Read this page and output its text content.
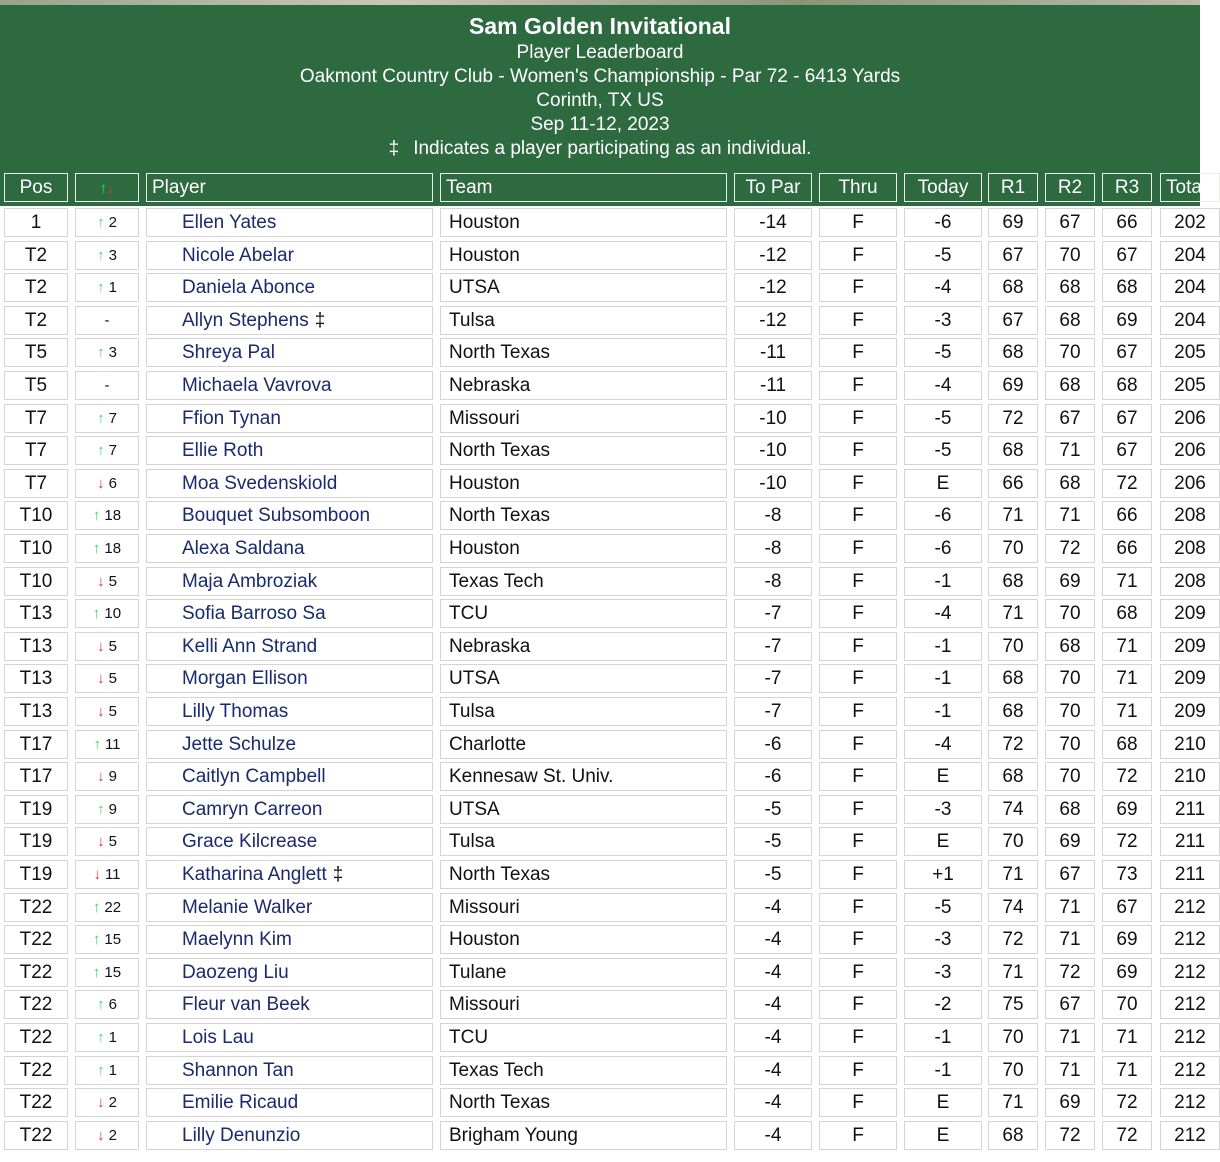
Sam Golden Invitational
Player Leaderboard
Oakmont Country Club - Women's Championship - Par 72 - 6413 Yards
Corinth, TX US
Sep 11-12, 2023
‡ Indicates a player participating as an individual.
Pos	↑↓	Player	Team	To Par	Thru	Today	R1	R2	R3	Total
1	↑ 2	Ellen Yates	Houston	-14	F	-6	69	67	66	202
T2	↑ 3	Nicole Abelar	Houston	-12	F	-5	67	70	67	204
T2	↑ 1	Daniela Abonce	UTSA	-12	F	-4	68	68	68	204
T2	-	Allyn Stephens ‡	Tulsa	-12	F	-3	67	68	69	204
T5	↑ 3	Shreya Pal	North Texas	-11	F	-5	68	70	67	205
T5	-	Michaela Vavrova	Nebraska	-11	F	-4	69	68	68	205
T7	↑ 7	Ffion Tynan	Missouri	-10	F	-5	72	67	67	206
T7	↑ 7	Ellie Roth	North Texas	-10	F	-5	68	71	67	206
T7	↓ 6	Moa Svedenskiold	Houston	-10	F	E	66	68	72	206
T10	↑ 18	Bouquet Subsomboon	North Texas	-8	F	-6	71	71	66	208
T10	↑ 18	Alexa Saldana	Houston	-8	F	-6	70	72	66	208
T10	↓ 5	Maja Ambroziak	Texas Tech	-8	F	-1	68	69	71	208
T13	↑ 10	Sofia Barroso Sa	TCU	-7	F	-4	71	70	68	209
T13	↓ 5	Kelli Ann Strand	Nebraska	-7	F	-1	70	68	71	209
T13	↓ 5	Morgan Ellison	UTSA	-7	F	-1	68	70	71	209
T13	↓ 5	Lilly Thomas	Tulsa	-7	F	-1	68	70	71	209
T17	↑ 11	Jette Schulze	Charlotte	-6	F	-4	72	70	68	210
T17	↓ 9	Caitlyn Campbell	Kennesaw St. Univ.	-6	F	E	68	70	72	210
T19	↑ 9	Camryn Carreon	UTSA	-5	F	-3	74	68	69	211
T19	↓ 5	Grace Kilcrease	Tulsa	-5	F	E	70	69	72	211
T19	↓ 11	Katharina Anglett ‡	North Texas	-5	F	+1	71	67	73	211
T22	↑ 22	Melanie Walker	Missouri	-4	F	-5	74	71	67	212
T22	↑ 15	Maelynn Kim	Houston	-4	F	-3	72	71	69	212
T22	↑ 15	Daozeng Liu	Tulane	-4	F	-3	71	72	69	212
T22	↑ 6	Fleur van Beek	Missouri	-4	F	-2	75	67	70	212
T22	↑ 1	Lois Lau	TCU	-4	F	-1	70	71	71	212
T22	↑ 1	Shannon Tan	Texas Tech	-4	F	-1	70	71	71	212
T22	↓ 2	Emilie Ricaud	North Texas	-4	F	E	71	69	72	212
T22	↓ 2	Lilly Denunzio	Brigham Young	-4	F	E	68	72	72	212
